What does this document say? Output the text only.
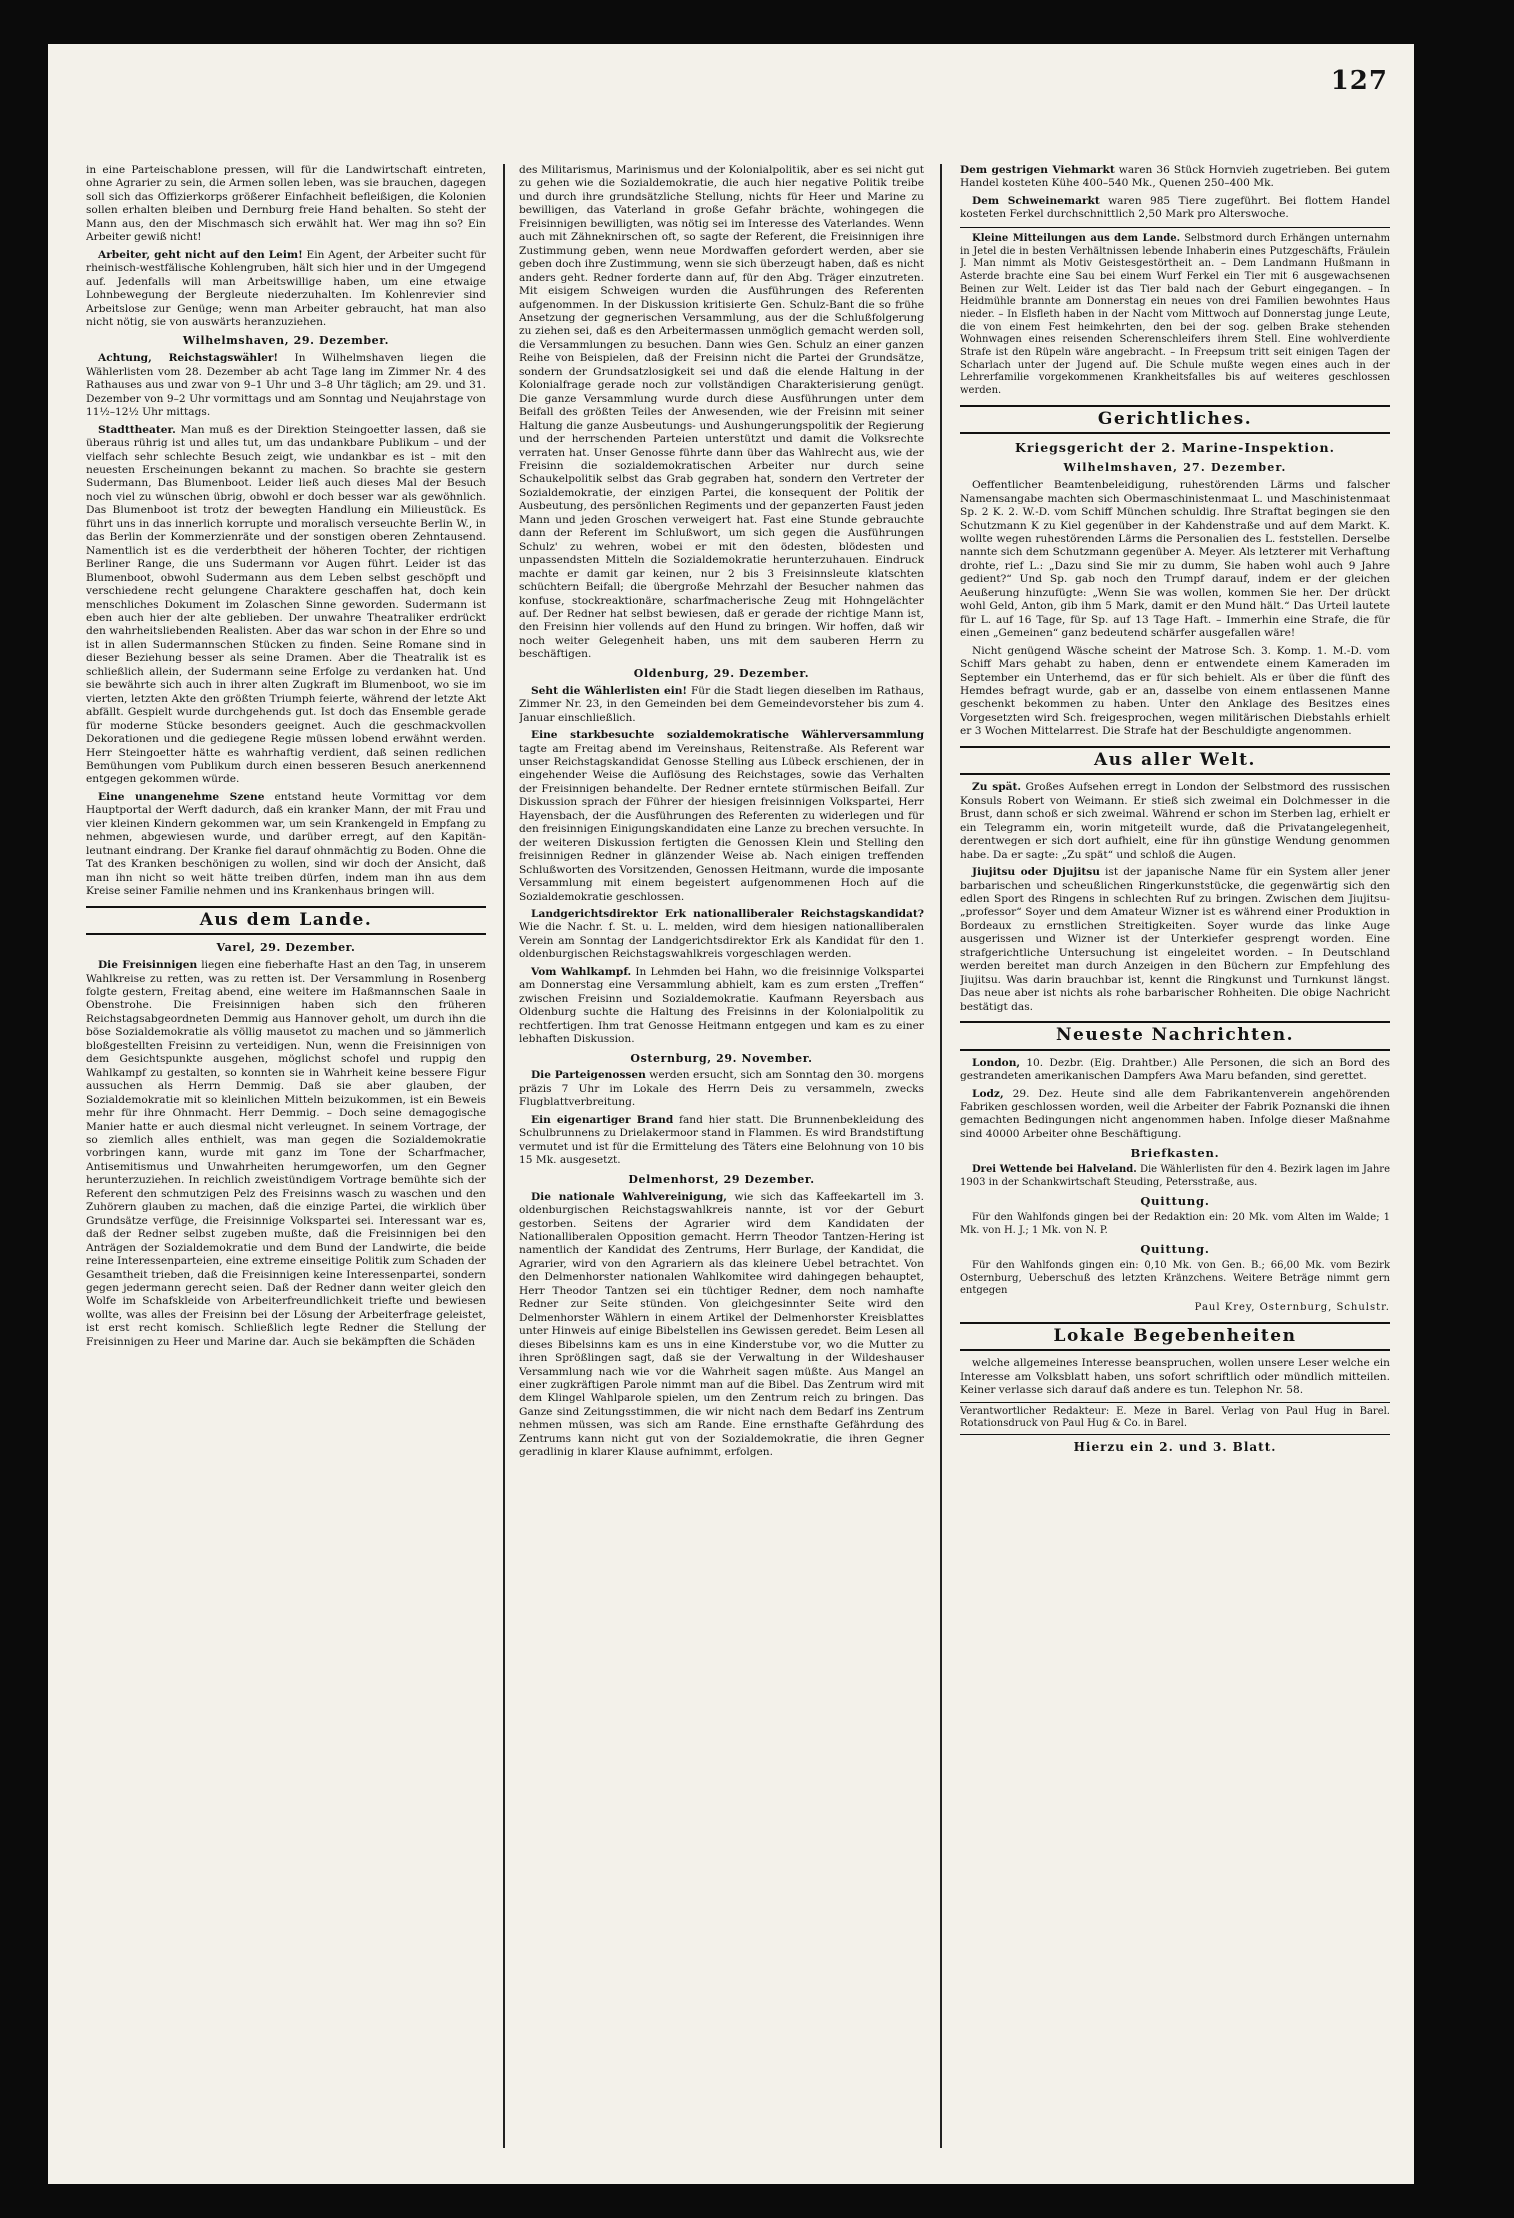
127

in eine Parteischablone pressen, will für die Landwirtschaft eintreten, ohne Agrarier zu sein, die Armen sollen leben, was sie brauchen, dagegen soll sich das Offizierkorps größerer Einfachheit befleißigen, die Kolonien sollen erhalten bleiben und Dernburg freie Hand behalten. So steht der Mann aus, den der Mischmasch sich erwählt hat. Wer mag ihn so? Ein Arbeiter gewiß nicht!

Arbeiter, geht nicht auf den Leim! Ein Agent, der Arbeiter sucht für rheinisch-westfälische Kohlengruben, hält sich hier und in der Umgegend auf. Jedenfalls will man Arbeitswillige haben, um eine etwaige Lohnbewegung der Bergleute niederzuhalten. Im Kohlenrevier sind Arbeitslose zur Genüge; wenn man Arbeiter gebraucht, hat man also nicht nötig, sie von auswärts heranzuziehen.

Wilhelmshaven, 29. Dezember.

Achtung, Reichstagswähler! In Wilhelmshaven liegen die Wählerlisten vom 28. Dezember ab acht Tage lang im Zimmer Nr. 4 des Rathauses aus und zwar von 9–1 Uhr und 3–8 Uhr täglich; am 29. und 31. Dezember von 9–2 Uhr vormittags und am Sonntag und Neujahrstage von 11½–12½ Uhr mittags.

Stadttheater. Man muß es der Direktion Steingoetter lassen, daß sie überaus rührig ist und alles tut, um das undankbare Publikum – und der vielfach sehr schlechte Besuch zeigt, wie undankbar es ist – mit den neuesten Erscheinungen bekannt zu machen. So brachte sie gestern Sudermann, Das Blumenboot. Leider ließ auch dieses Mal der Besuch noch viel zu wünschen übrig, obwohl er doch besser war als gewöhnlich. Das Blumenboot ist trotz der bewegten Handlung ein Milieustück. Es führt uns in das innerlich korrupte und moralisch verseuchte Berlin W., in das Berlin der Kommerzienräte und der sonstigen oberen Zehntausend. Namentlich ist es die verderbtheit der höheren Tochter, der richtigen Berliner Range, die uns Sudermann vor Augen führt. Leider ist das Blumenboot, obwohl Sudermann aus dem Leben selbst geschöpft und verschiedene recht gelungene Charaktere geschaffen hat, doch kein menschliches Dokument im Zolaschen Sinne geworden. Sudermann ist eben auch hier der alte geblieben. Der unwahre Theatraliker erdrückt den wahrheitsliebenden Realisten. Aber das war schon in der Ehre so und ist in allen Sudermannschen Stücken zu finden. Seine Romane sind in dieser Beziehung besser als seine Dramen. Aber die Theatralik ist es schließlich allein, der Sudermann seine Erfolge zu verdanken hat. Und sie bewährte sich auch in ihrer alten Zugkraft im Blumenboot, wo sie im vierten, letzten Akte den größten Triumph feierte, während der letzte Akt abfällt. Gespielt wurde durchgehends gut. Ist doch das Ensemble gerade für moderne Stücke besonders geeignet. Auch die geschmackvollen Dekorationen und die gediegene Regie müssen lobend erwähnt werden. Herr Steingoetter hätte es wahrhaftig verdient, daß seinen redlichen Bemühungen vom Publikum durch einen besseren Besuch anerkennend entgegen gekommen würde.

Eine unangenehme Szene entstand heute Vormittag vor dem Hauptportal der Werft dadurch, daß ein kranker Mann, der mit Frau und vier kleinen Kindern gekommen war, um sein Krankengeld in Empfang zu nehmen, abgewiesen wurde, und darüber erregt, auf den Kapitän-leutnant eindrang. Der Kranke fiel darauf ohnmächtig zu Boden. Ohne die Tat des Kranken beschönigen zu wollen, sind wir doch der Ansicht, daß man ihn nicht so weit hätte treiben dürfen, indem man ihn aus dem Kreise seiner Familie nehmen und ins Krankenhaus bringen will.

Aus dem Lande.
Varel, 29. Dezember.

Die Freisinnigen liegen eine fieberhafte Hast an den Tag, in unserem Wahlkreise zu retten, was zu retten ist. Der Versammlung in Rosenberg folgte gestern, Freitag abend, eine weitere im Haßmannschen Saale in Obenstrohe. Die Freisinnigen haben sich den früheren Reichstagsabgeordneten Demmig aus Hannover geholt, um durch ihn die böse Sozialdemokratie als völlig mausetot zu machen und so jämmerlich bloßgestellten Freisinn zu verteidigen. Nun, wenn die Freisinnigen von dem Gesichtspunkte ausgehen, möglichst schofel und ruppig den Wahlkampf zu gestalten, so konnten sie in Wahrheit keine bessere Figur aussuchen als Herrn Demmig. Daß sie aber glauben, der Sozialdemokratie mit so kleinlichen Mitteln beizukommen, ist ein Beweis mehr für ihre Ohnmacht. Herr Demmig. – Doch seine demagogische Manier hatte er auch diesmal nicht verleugnet. In seinem Vortrage, der so ziemlich alles enthielt, was man gegen die Sozialdemokratie vorbringen kann, wurde mit ganz im Tone der Scharfmacher, Antisemitismus und Unwahrheiten herumgeworfen, um den Gegner herunterzuziehen. In reichlich zweistündigem Vortrage bemühte sich der Referent den schmutzigen Pelz des Freisinns wasch zu waschen und den Zuhörern glauben zu machen, daß die einzige Partei, die wirklich über Grundsätze verfüge, die Freisinnige Volkspartei sei. Interessant war es, daß der Redner selbst zugeben mußte, daß die Freisinnigen bei den Anträgen der Sozialdemokratie und dem Bund der Landwirte, die beide reine Interessenparteien, eine extreme einseitige Politik zum Schaden der Gesamtheit trieben, daß die Freisinnigen keine Interessenpartei, sondern gegen jedermann gerecht seien. Daß der Redner dann weiter gleich den Wolfe im Schafskleide von Arbeiterfreundlichkeit triefte und bewiesen wollte, was alles der Freisinn bei der Lösung der Arbeiterfrage geleistet, ist erst recht komisch. Schließlich legte Redner die Stellung der Freisinnigen zu Heer und Marine dar. Auch sie bekämpften die Schäden

des Militarismus, Marinismus und der Kolonialpolitik, aber es sei nicht gut zu gehen wie die Sozialdemokratie, die auch hier negative Politik treibe und durch ihre grundsätzliche Stellung, nichts für Heer und Marine zu bewilligen, das Vaterland in große Gefahr brächte, wohingegen die Freisinnigen bewilligten, was nötig sei im Interesse des Vaterlandes. Wenn auch mit Zähneknirschen oft, so sagte der Referent, die Freisinnigen ihre Zustimmung geben, wenn neue Mordwaffen gefordert werden, aber sie geben doch ihre Zustimmung, wenn sie sich überzeugt haben, daß es nicht anders geht. Redner forderte dann auf, für den Abg. Träger einzutreten. Mit eisigem Schweigen wurden die Ausführungen des Referenten aufgenommen. In der Diskussion kritisierte Gen. Schulz-Bant die so frühe Ansetzung der gegnerischen Versammlung, aus der die Schlußfolgerung zu ziehen sei, daß es den Arbeitermassen unmöglich gemacht werden soll, die Versammlungen zu besuchen. Dann wies Gen. Schulz an einer ganzen Reihe von Beispielen, daß der Freisinn nicht die Partei der Grundsätze, sondern der Grundsatzlosigkeit sei und daß die elende Haltung in der Kolonialfrage gerade noch zur vollständigen Charakterisierung genügt. Die ganze Versammlung wurde durch diese Ausführungen unter dem Beifall des größten Teiles der Anwesenden, wie der Freisinn mit seiner Haltung die ganze Ausbeutungs- und Aushungerungspolitik der Regierung und der herrschenden Parteien unterstützt und damit die Volksrechte verraten hat. Unser Genosse führte dann über das Wahlrecht aus, wie der Freisinn die sozialdemokratischen Arbeiter nur durch seine Schaukelpolitik selbst das Grab gegraben hat, sondern den Vertreter der Sozialdemokratie, der einzigen Partei, die konsequent der Politik der Ausbeutung, des persönlichen Regiments und der gepanzerten Faust jeden Mann und jeden Groschen verweigert hat. Fast eine Stunde gebrauchte dann der Referent im Schlußwort, um sich gegen die Ausführungen Schulz' zu wehren, wobei er mit den ödesten, blödesten und unpassendsten Mitteln die Sozialdemokratie herunterzuhauen. Eindruck machte er damit gar keinen, nur 2 bis 3 Freisinnsleute klatschten schüchtern Beifall; die übergroße Mehrzahl der Besucher nahmen das konfuse, stockreaktionäre, scharfmacherische Zeug mit Hohngelächter auf. Der Redner hat selbst bewiesen, daß er gerade der richtige Mann ist, den Freisinn hier vollends auf den Hund zu bringen. Wir hoffen, daß wir noch weiter Gelegenheit haben, uns mit dem sauberen Herrn zu beschäftigen.

Oldenburg, 29. Dezember.

Seht die Wählerlisten ein! Für die Stadt liegen dieselben im Rathaus, Zimmer Nr. 23, in den Gemeinden bei dem Gemeindevorsteher bis zum 4. Januar einschließlich.

Eine starkbesuchte sozialdemokratische Wählerversammlung tagte am Freitag abend im Vereinshaus, Reitenstraße. Als Referent war unser Reichstagskandidat Genosse Stelling aus Lübeck erschienen, der in eingehender Weise die Auflösung des Reichstages, sowie das Verhalten der Freisinnigen behandelte. Der Redner erntete stürmischen Beifall. Zur Diskussion sprach der Führer der hiesigen freisinnigen Volkspartei, Herr Hayensbach, der die Ausführungen des Referenten zu widerlegen und für den freisinnigen Einigungskandidaten eine Lanze zu brechen versuchte. In der weiteren Diskussion fertigten die Genossen Klein und Stelling den freisinnigen Redner in glänzender Weise ab. Nach einigen treffenden Schlußworten des Vorsitzenden, Genossen Heitmann, wurde die imposante Versammlung mit einem begeistert aufgenommenen Hoch auf die Sozialdemokratie geschlossen.

Landgerichtsdirektor Erk nationalliberaler Reichstagskandidat? Wie die Nachr. f. St. u. L. melden, wird dem hiesigen nationalliberalen Verein am Sonntag der Landgerichtsdirektor Erk als Kandidat für den 1. oldenburgischen Reichstagswahlkreis vorgeschlagen werden.

Vom Wahlkampf. In Lehmden bei Hahn, wo die freisinnige Volkspartei am Donnerstag eine Versammlung abhielt, kam es zum ersten „Treffen“ zwischen Freisinn und Sozialdemokratie. Kaufmann Reyersbach aus Oldenburg suchte die Haltung des Freisinns in der Kolonialpolitik zu rechtfertigen. Ihm trat Genosse Heitmann entgegen und kam es zu einer lebhaften Diskussion.

Osternburg, 29. November.

Die Parteigenossen werden ersucht, sich am Sonntag den 30. morgens präzis 7 Uhr im Lokale des Herrn Deis zu versammeln, zwecks Flugblattverbreitung.

Ein eigenartiger Brand fand hier statt. Die Brunnenbekleidung des Schulbrunnens zu Drielakermoor stand in Flammen. Es wird Brandstiftung vermutet und ist für die Ermittelung des Täters eine Belohnung von 10 bis 15 Mk. ausgesetzt.

Delmenhorst, 29 Dezember.

Die nationale Wahlvereinigung, wie sich das Kaffeekartell im 3. oldenburgischen Reichstagswahlkreis nannte, ist vor der Geburt gestorben. Seitens der Agrarier wird dem Kandidaten der Nationalliberalen Opposition gemacht. Herrn Theodor Tantzen-Hering ist namentlich der Kandidat des Zentrums, Herr Burlage, der Kandidat, die Agrarier, wird von den Agrariern als das kleinere Uebel betrachtet. Von den Delmenhorster nationalen Wahlkomitee wird dahingegen behauptet, Herr Theodor Tantzen sei ein tüchtiger Redner, dem noch namhafte Redner zur Seite stünden. Von gleichgesinnter Seite wird den Delmenhorster Wählern in einem Artikel der Delmenhorster Kreisblattes unter Hinweis auf einige Bibelstellen ins Gewissen geredet. Beim Lesen all dieses Bibelsinns kam es uns in eine Kinderstube vor, wo die Mutter zu ihren Sprößlingen sagt, daß sie der Verwaltung in der Wildeshauser Versammlung nach wie vor die Wahrheit sagen müßte. Aus Mangel an einer zugkräftigen Parole nimmt man auf die Bibel. Das Zentrum wird mit dem Klingel Wahlparole spielen, um den Zentrum reich zu bringen. Das Ganze sind Zeitungsstimmen, die wir nicht nach dem Bedarf ins Zentrum nehmen müssen, was sich am Rande. Eine ernsthafte Gefährdung des Zentrums kann nicht gut von der Sozialdemokratie, die ihren Gegner geradlinig in klarer Klause aufnimmt, erfolgen.

Dem gestrigen Viehmarkt waren 36 Stück Hornvieh zugetrieben. Bei gutem Handel kosteten Kühe 400–540 Mk., Quenen 250–400 Mk.

Dem Schweinemarkt waren 985 Tiere zugeführt. Bei flottem Handel kosteten Ferkel durchschnittlich 2,50 Mark pro Alterswoche.

Kleine Mitteilungen aus dem Lande. Selbstmord durch Erhängen unternahm in Jetel die in besten Verhältnissen lebende Inhaberin eines Putzgeschäfts, Fräulein J. Man nimmt als Motiv Geistesgestörtheit an. – Dem Landmann Hußmann in Asterde brachte eine Sau bei einem Wurf Ferkel ein Tier mit 6 ausgewachsenen Beinen zur Welt. Leider ist das Tier bald nach der Geburt eingegangen. – In Heidmühle brannte am Donnerstag ein neues von drei Familien bewohntes Haus nieder. – In Elsfleth haben in der Nacht vom Mittwoch auf Donnerstag junge Leute, die von einem Fest heimkehrten, den bei der sog. gelben Brake stehenden Wohnwagen eines reisenden Scherenschleifers ihrem Stell. Eine wohlverdiente Strafe ist den Rüpeln wäre angebracht. – In Freepsum tritt seit einigen Tagen der Scharlach unter der Jugend auf. Die Schule mußte wegen eines auch in der Lehrerfamilie vorgekommenen Krankheitsfalles bis auf weiteres geschlossen werden.

Gerichtliches.
Kriegsgericht der 2. Marine-Inspektion.
Wilhelmshaven, 27. Dezember.

Oeffentlicher Beamtenbeleidigung, ruhestörenden Lärms und falscher Namensangabe machten sich Obermaschinistenmaat L. und Maschinistenmaat Sp. 2 K. 2. W.-D. vom Schiff München schuldig. Ihre Straftat begingen sie den Schutzmann K zu Kiel gegenüber in der Kahdenstraße und auf dem Markt. K. wollte wegen ruhestörenden Lärms die Personalien des L. feststellen. Derselbe nannte sich dem Schutzmann gegenüber A. Meyer. Als letzterer mit Verhaftung drohte, rief L.: „Dazu sind Sie mir zu dumm, Sie haben wohl auch 9 Jahre gedient?“ Und Sp. gab noch den Trumpf darauf, indem er der gleichen Aeußerung hinzufügte: „Wenn Sie was wollen, kommen Sie her. Der drückt wohl Geld, Anton, gib ihm 5 Mark, damit er den Mund hält.“ Das Urteil lautete für L. auf 16 Tage, für Sp. auf 13 Tage Haft. – Immerhin eine Strafe, die für einen „Gemeinen“ ganz bedeutend schärfer ausgefallen wäre!

Nicht genügend Wäsche scheint der Matrose Sch. 3. Komp. 1. M.-D. vom Schiff Mars gehabt zu haben, denn er entwendete einem Kameraden im September ein Unterhemd, das er für sich behielt. Als er über die fünft des Hemdes befragt wurde, gab er an, dasselbe von einem entlassenen Manne geschenkt bekommen zu haben. Unter den Anklage des Besitzes eines Vorgesetzten wird Sch. freigesprochen, wegen militärischen Diebstahls erhielt er 3 Wochen Mittelarrest. Die Strafe hat der Beschuldigte angenommen.

Aus aller Welt.

Zu spät. Großes Aufsehen erregt in London der Selbstmord des russischen Konsuls Robert von Weimann. Er stieß sich zweimal ein Dolchmesser in die Brust, dann schoß er sich zweimal. Während er schon im Sterben lag, erhielt er ein Telegramm ein, worin mitgeteilt wurde, daß die Privatangelegenheit, derentwegen er sich dort aufhielt, eine für ihn günstige Wendung genommen habe. Da er sagte: „Zu spät“ und schloß die Augen.

Jiujitsu oder Djujitsu ist der japanische Name für ein System aller jener barbarischen und scheußlichen Ringerkunststücke, die gegenwärtig sich den edlen Sport des Ringens in schlechten Ruf zu bringen. Zwischen dem Jiujitsu-„professor“ Soyer und dem Amateur Wizner ist es während einer Produktion in Bordeaux zu ernstlichen Streitigkeiten. Soyer wurde das linke Auge ausgerissen und Wizner ist der Unterkiefer gesprengt worden. Eine strafgerichtliche Untersuchung ist eingeleitet worden. – In Deutschland werden bereitet man durch Anzeigen in den Büchern zur Empfehlung des Jiujitsu. Was darin brauchbar ist, kennt die Ringkunst und Turnkunst längst. Das neue aber ist nichts als rohe barbarischer Rohheiten. Die obige Nachricht bestätigt das.

Neueste Nachrichten.

London, 10. Dezbr. (Eig. Drahtber.) Alle Personen, die sich an Bord des gestrandeten amerikanischen Dampfers Awa Maru befanden, sind gerettet.

Lodz, 29. Dez. Heute sind alle dem Fabrikantenverein angehörenden Fabriken geschlossen worden, weil die Arbeiter der Fabrik Poznanski die ihnen gemachten Bedingungen nicht angenommen haben. Infolge dieser Maßnahme sind 40000 Arbeiter ohne Beschäftigung.

Briefkasten.

Drei Wettende bei Halveland. Die Wählerlisten für den 4. Bezirk lagen im Jahre 1903 in der Schankwirtschaft Steuding, Petersstraße, aus.

Quittung.

Für den Wahlfonds gingen bei der Redaktion ein: 20 Mk. vom Alten im Walde; 1 Mk. von H. J.; 1 Mk. von N. P.

Quittung.

Für den Wahlfonds gingen ein: 0,10 Mk. von Gen. B.; 66,00 Mk. vom Bezirk Osternburg, Ueberschuß des letzten Kränzchens. Weitere Beträge nimmt gern entgegen

Paul Krey, Osternburg, Schulstr.

Lokale Begebenheiten

welche allgemeines Interesse beanspruchen, wollen unsere Leser welche ein Interesse am Volksblatt haben, uns sofort schriftlich oder mündlich mitteilen. Keiner verlasse sich darauf daß andere es tun. Telephon Nr. 58.

Verantwortlicher Redakteur: E. Meze in Barel. Verlag von Paul Hug in Barel. Rotationsdruck von Paul Hug & Co. in Barel.
Hierzu ein 2. und 3. Blatt.
